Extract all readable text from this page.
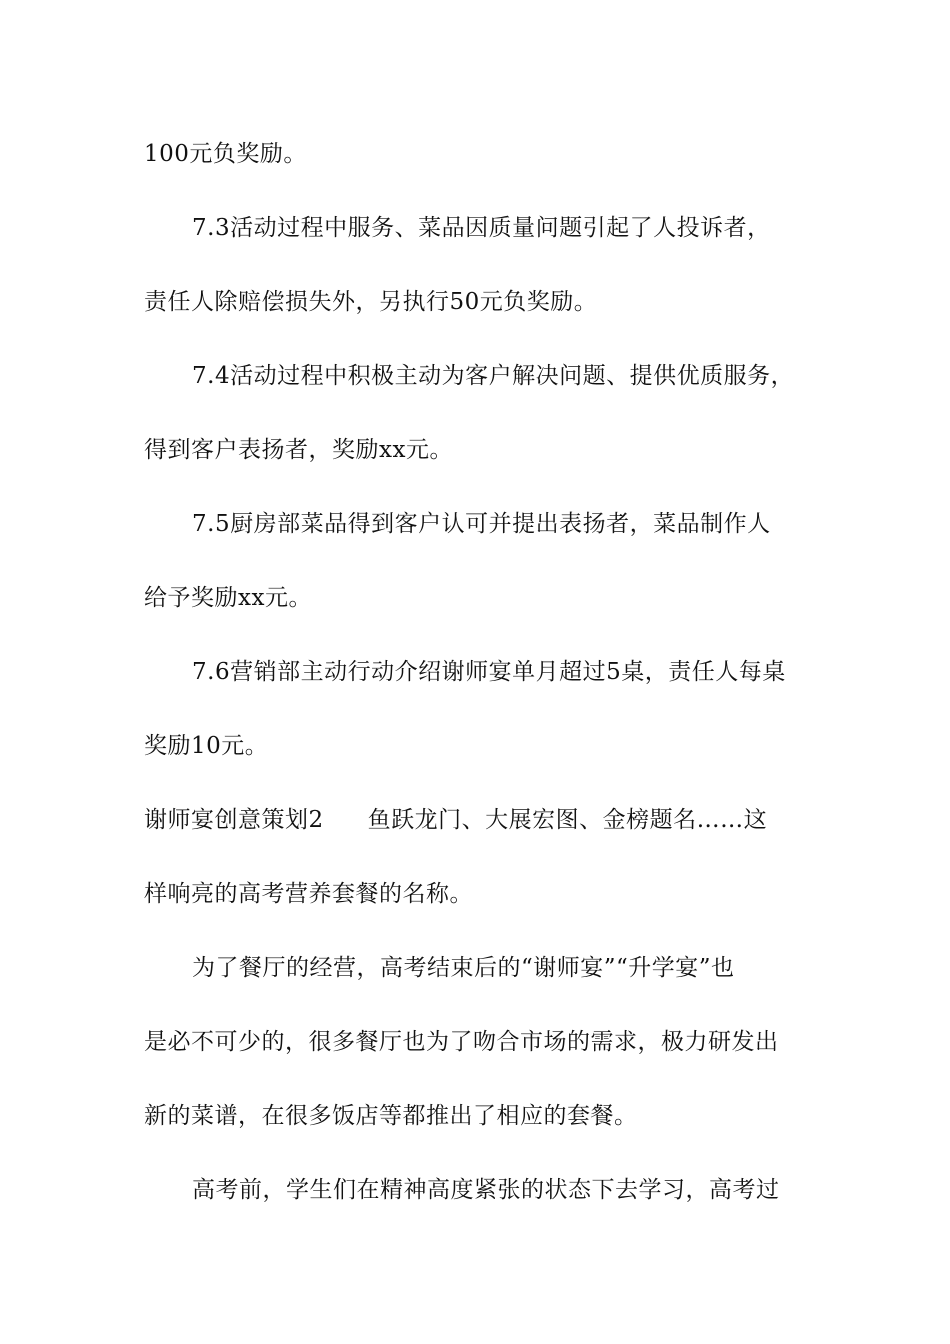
100元负奖励。
7.3活动过程中服务、菜品因质量问题引起了人投诉者，
责任人除赔偿损失外，另执行50元负奖励。
7.4活动过程中积极主动为客户解决问题、提供优质服务，
得到客户表扬者，奖励xx元。
7.5厨房部菜品得到客户认可并提出表扬者，菜品制作人
给予奖励xx元。
7.6营销部主动行动介绍谢师宴单月超过5桌，责任人每桌
奖励10元。
谢师宴创意策划2 鱼跃龙门、大展宏图、金榜题名……这
样响亮的高考营养套餐的名称。
为了餐厅的经营，高考结束后的“谢师宴”“升学宴”也
是必不可少的，很多餐厅也为了吻合市场的需求，极力研发出
新的菜谱，在很多饭店等都推出了相应的套餐。
高考前，学生们在精神高度紧张的状态下去学习，高考过
